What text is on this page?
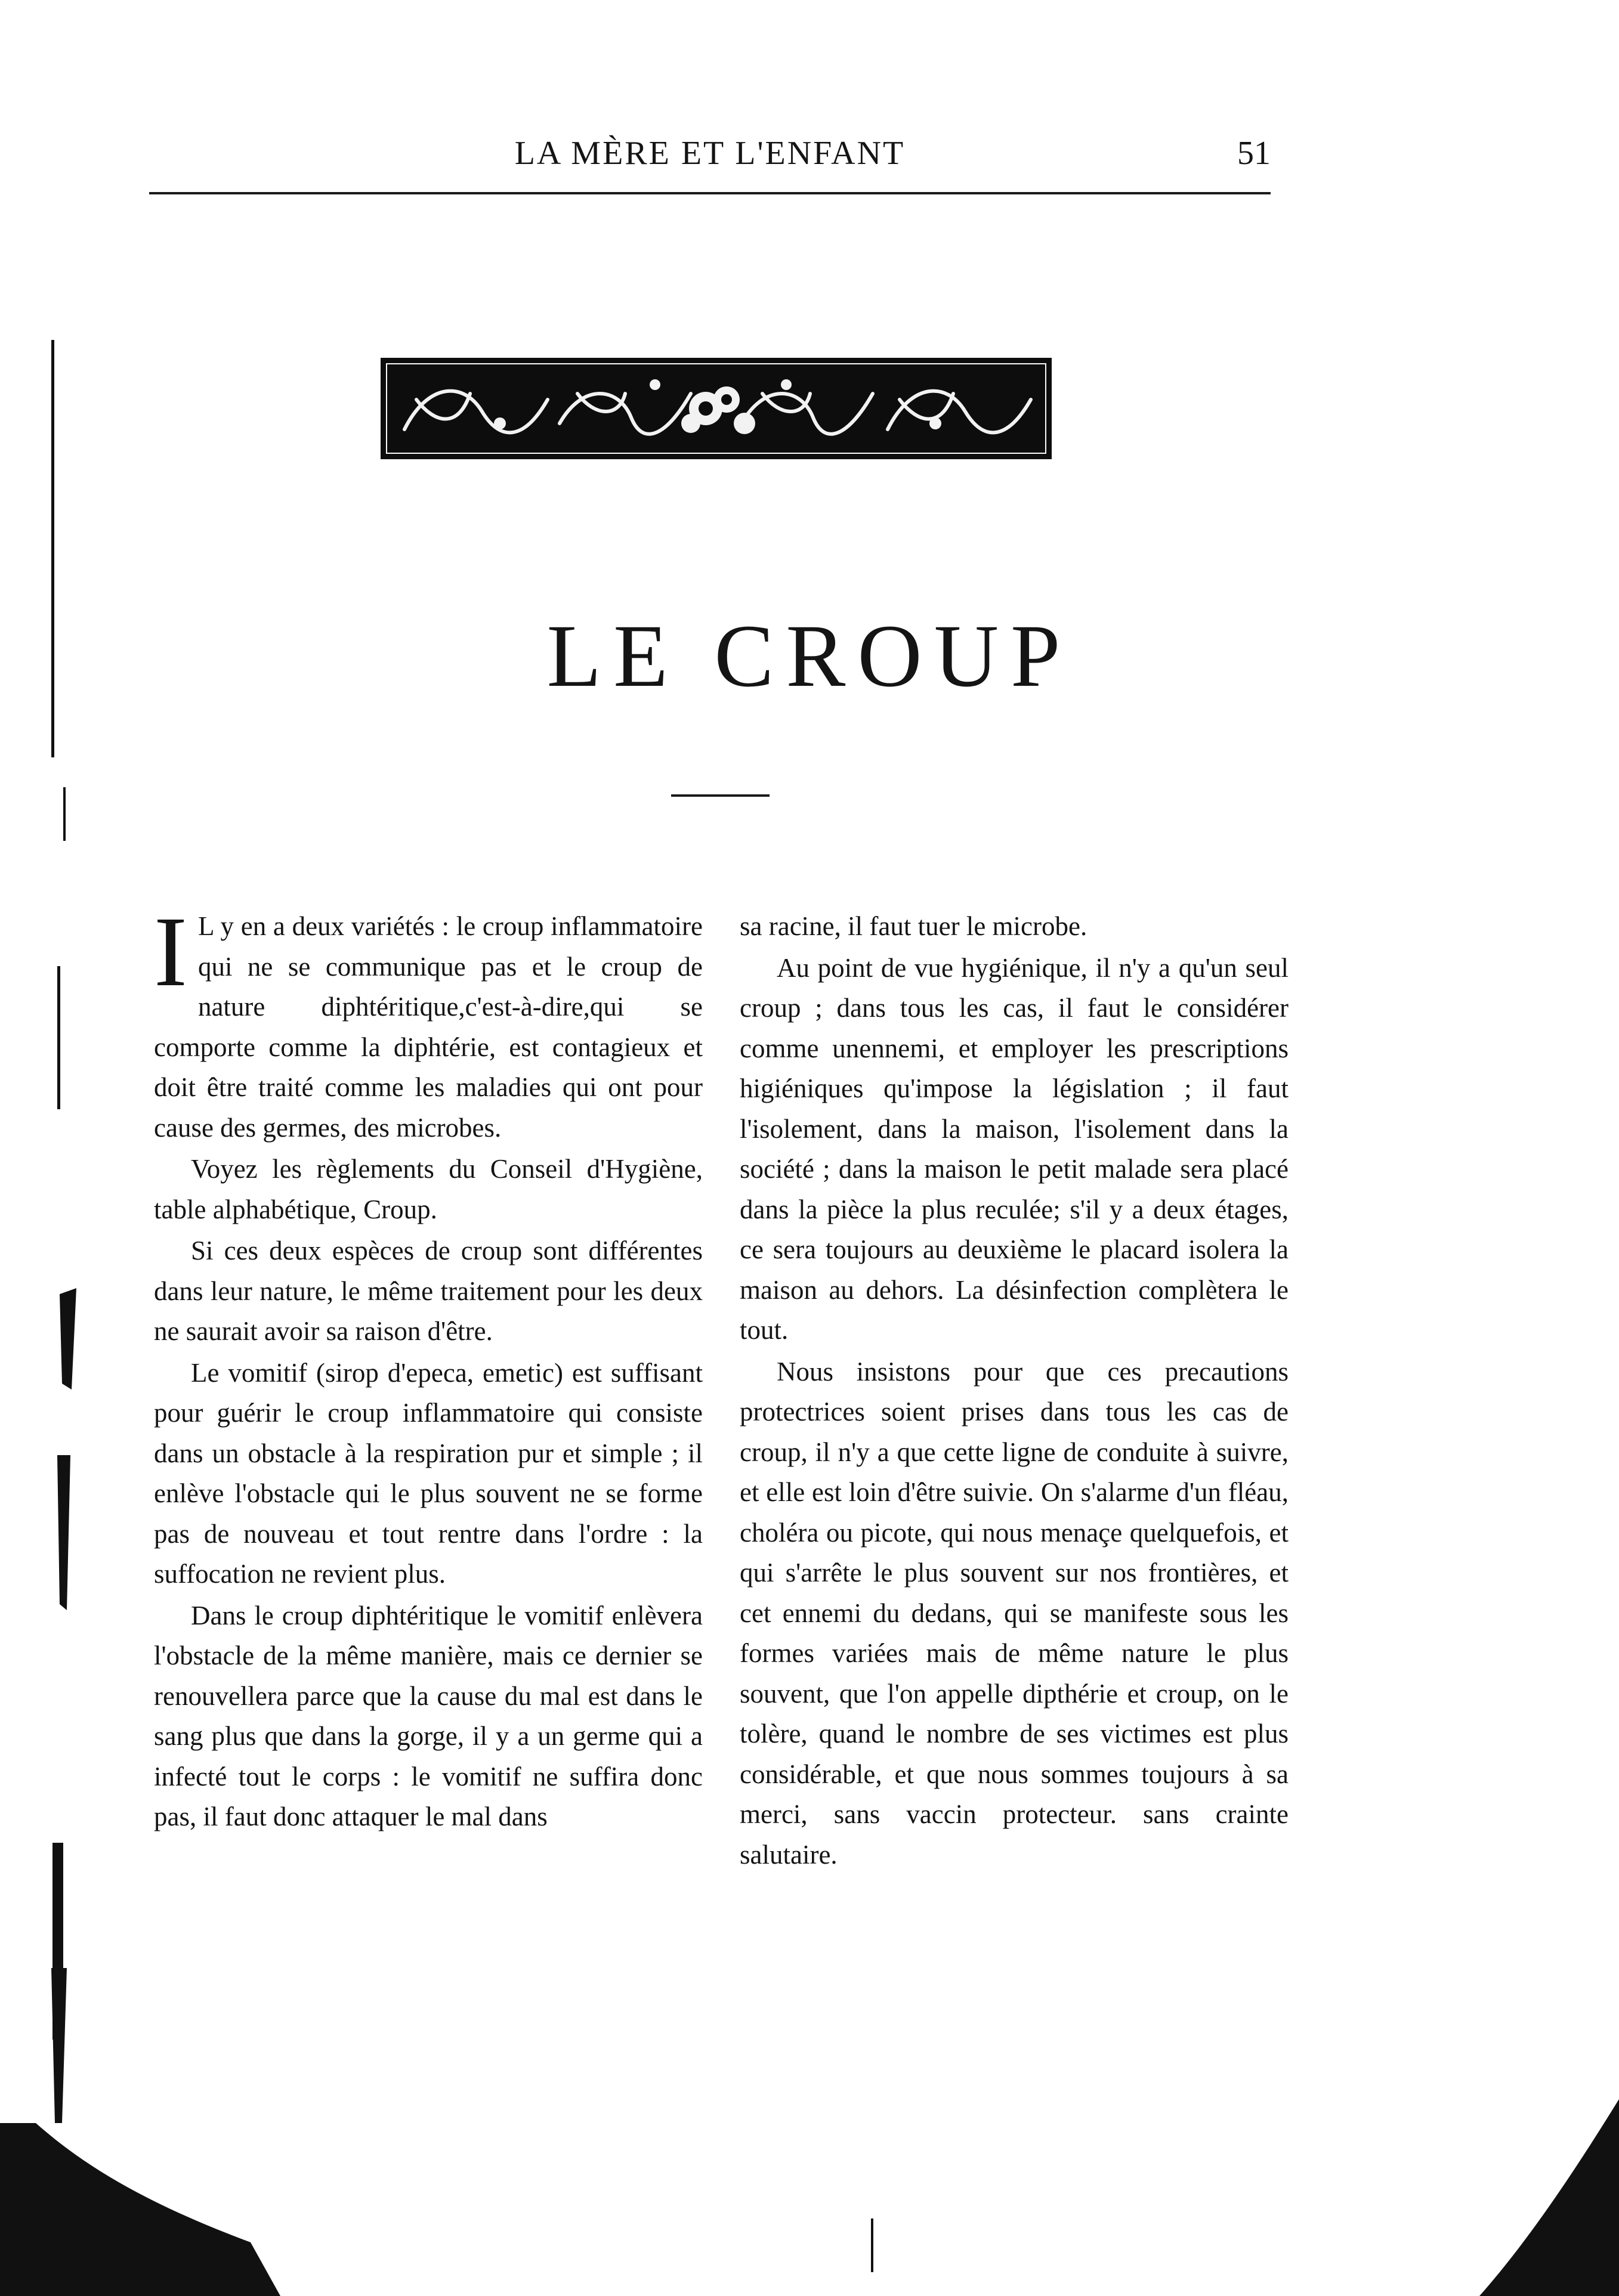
LA MÈRE ET L'ENFANT	51
LE CROUP

I L y en a deux variétés : le croup inflammatoire qui ne se communique pas et le croup de nature diphtéritique,c'est-à-dire,qui se comporte comme la diphtérie, est contagieux et doit être traité comme les maladies qui ont pour cause des germes, des microbes.

Voyez les règlements du Conseil d'Hygiène, table alphabétique, Croup.

Si ces deux espèces de croup sont différentes dans leur nature, le même traitement pour les deux ne saurait avoir sa raison d'être.

Le vomitif (sirop d'epeca, emetic) est suffisant pour guérir le croup inflammatoire qui consiste dans un obstacle à la respiration pur et simple ; il enlève l'obstacle qui le plus souvent ne se forme pas de nouveau et tout rentre dans l'ordre : la suffocation ne revient plus.

Dans le croup diphtéritique le vomitif enlèvera l'obstacle de la même manière, mais ce dernier se renouvellera parce que la cause du mal est dans le sang plus que dans la gorge, il y a un germe qui a infecté tout le corps : le vomitif ne suffira donc pas, il faut donc attaquer le mal dans

sa racine, il faut tuer le microbe.

Au point de vue hygiénique, il n'y a qu'un seul croup ; dans tous les cas, il faut le considérer comme unennemi, et employer les prescriptions higiéniques qu'impose la législation ; il faut l'isolement, dans la maison, l'isolement dans la société ; dans la maison le petit malade sera placé dans la pièce la plus reculée; s'il y a deux étages, ce sera toujours au deuxième le placard isolera la maison au dehors. La désinfection complètera le tout.

Nous insistons pour que ces precautions protectrices soient prises dans tous les cas de croup, il n'y a que cette ligne de conduite à suivre, et elle est loin d'être suivie. On s'alarme d'un fléau, choléra ou picote, qui nous menaçe quelquefois, et qui s'arrête le plus souvent sur nos frontières, et cet ennemi du dedans, qui se manifeste sous les formes variées mais de même nature le plus souvent, que l'on appelle dipthérie et croup, on le tolère, quand le nombre de ses victimes est plus considérable, et que nous sommes toujours à sa merci, sans vaccin protecteur. sans crainte salutaire.
